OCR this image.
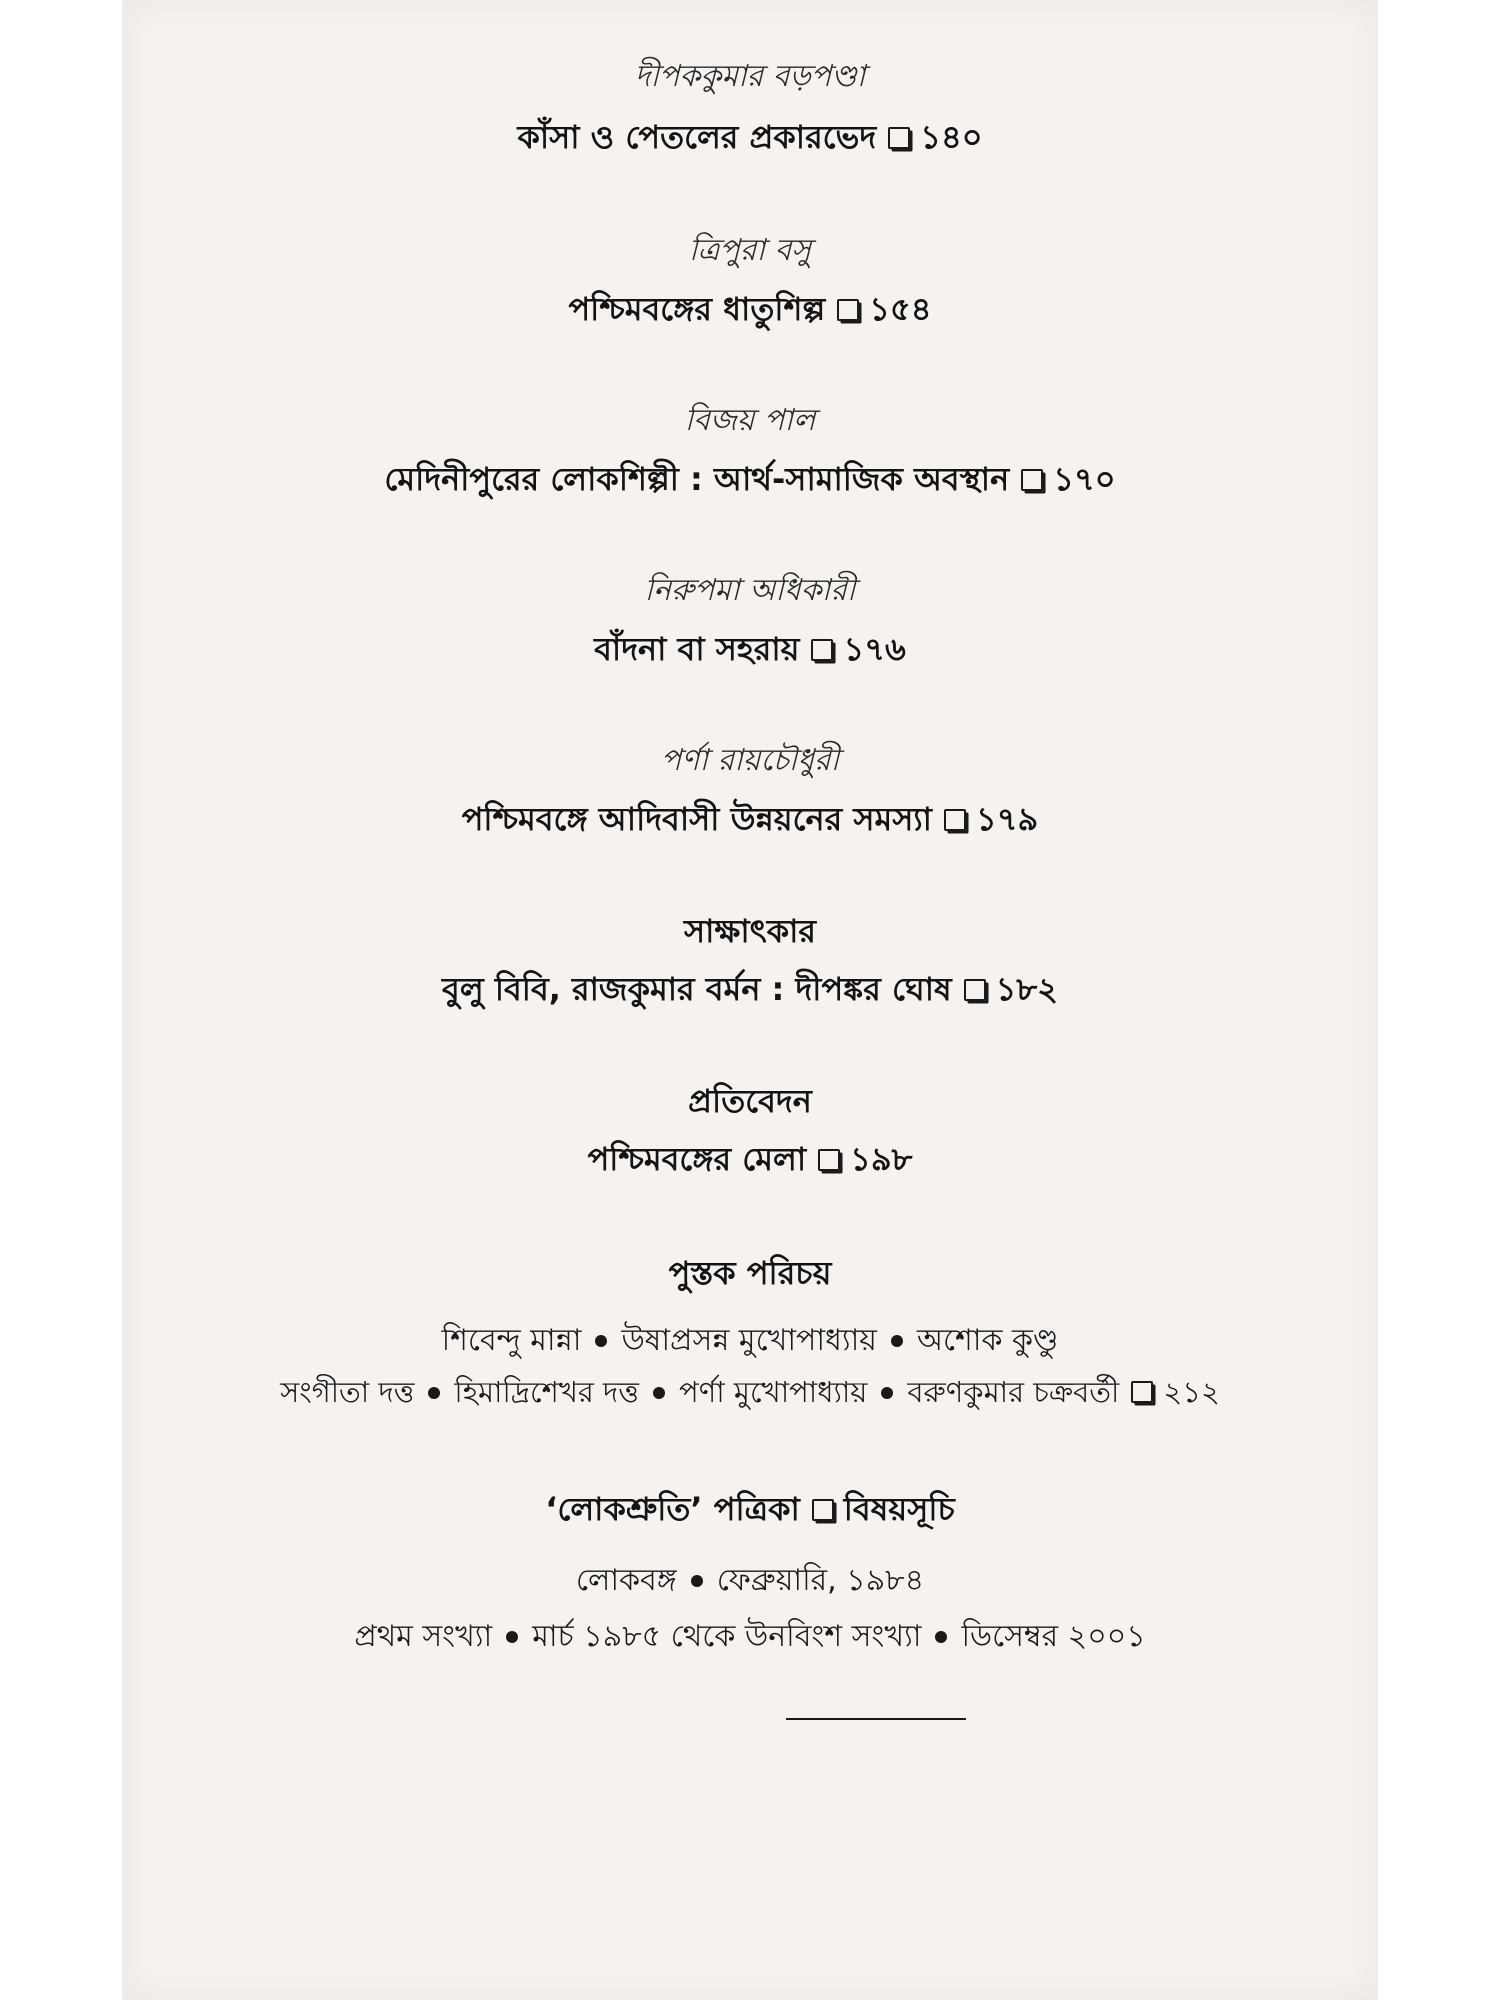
দীপককুমার বড়পণ্ডা
কাঁসা ও পেতলের প্রকারভেদ ১৪০
ত্রিপুরা বসু
পশ্চিমবঙ্গের ধাতুশিল্প ১৫৪
বিজয় পাল
মেদিনীপুরের লোকশিল্পী : আর্থ-সামাজিক অবস্থান ১৭০
নিরুপমা অধিকারী
বাঁদনা বা সহরায় ১৭৬
পর্ণা রায়চৌধুরী
পশ্চিমবঙ্গে আদিবাসী উন্নয়নের সমস্যা ১৭৯
সাক্ষাৎকার
বুলু বিবি, রাজকুমার বর্মন : দীপঙ্কর ঘোষ ১৮২
প্রতিবেদন
পশ্চিমবঙ্গের মেলা ১৯৮
পুস্তক পরিচয়
শিবেন্দু মান্না উষাপ্রসন্ন মুখোপাধ্যায় অশোক কুণ্ডু
সংগীতা দত্ত হিমাদ্রিশেখর দত্ত পর্ণা মুখোপাধ্যায় বরুণকুমার চক্রবর্তী ২১২
‘লোকশ্রুতি’ পত্রিকা বিষয়সূচি
লোকবঙ্গ ফেব্রুয়ারি, ১৯৮৪
প্রথম সংখ্যা মার্চ ১৯৮৫ থেকে উনবিংশ সংখ্যা ডিসেম্বর ২০০১
